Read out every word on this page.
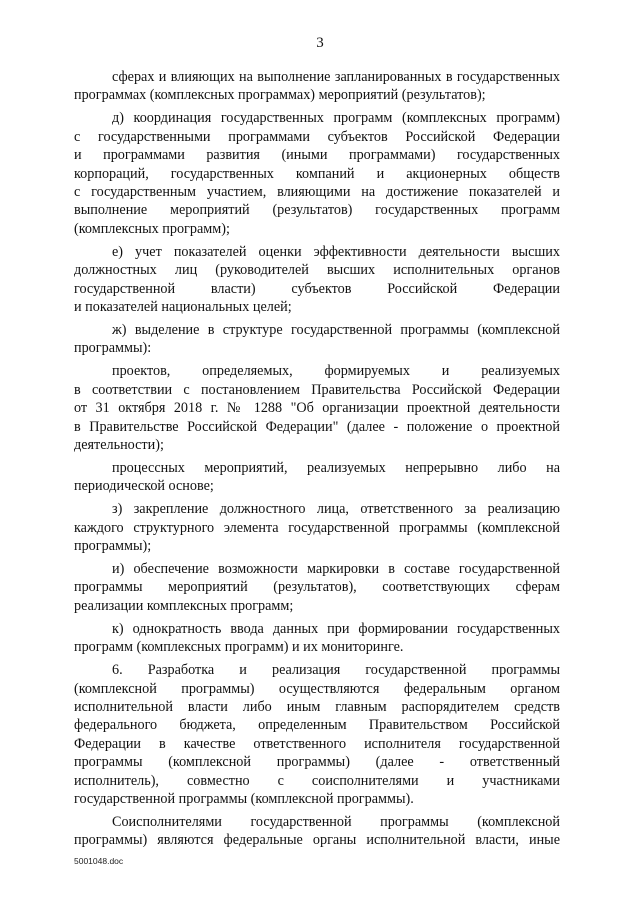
3
сферах и влияющих на выполнение запланированных в государственных
программах (комплексных программах) мероприятий (результатов);
д) координация государственных программ (комплексных программ)
с государственными программами субъектов Российской Федерации
и программами развития (иными программами) государственных
корпораций, государственных компаний и акционерных обществ
с государственным участием, влияющими на достижение показателей и
выполнение мероприятий (результатов) государственных программ
(комплексных программ);
е) учет показателей оценки эффективности деятельности высших
должностных лиц (руководителей высших исполнительных органов
государственной власти) субъектов Российской Федерации
и показателей национальных целей;
ж) выделение в структуре государственной программы (комплексной
программы):
проектов, определяемых, формируемых и реализуемых
в соответствии с постановлением Правительства Российской Федерации
от 31 октября 2018 г. № 1288 "Об организации проектной деятельности
в Правительстве Российской Федерации" (далее - положение о проектной
деятельности);
процессных мероприятий, реализуемых непрерывно либо на
периодической основе;
з) закрепление должностного лица, ответственного за реализацию
каждого структурного элемента государственной программы (комплексной
программы);
и) обеспечение возможности маркировки в составе государственной
программы мероприятий (результатов), соответствующих сферам
реализации комплексных программ;
к) однократность ввода данных при формировании государственных
программ (комплексных программ) и их мониторинге.
6. Разработка и реализация государственной программы
(комплексной программы) осуществляются федеральным органом
исполнительной власти либо иным главным распорядителем средств
федерального бюджета, определенным Правительством Российской
Федерации в качестве ответственного исполнителя государственной
программы (комплексной программы) (далее - ответственный
исполнитель), совместно с соисполнителями и участниками
государственной программы (комплексной программы).
Соисполнителями государственной программы (комплексной
программы) являются федеральные органы исполнительной власти, иные
5001048.doc
